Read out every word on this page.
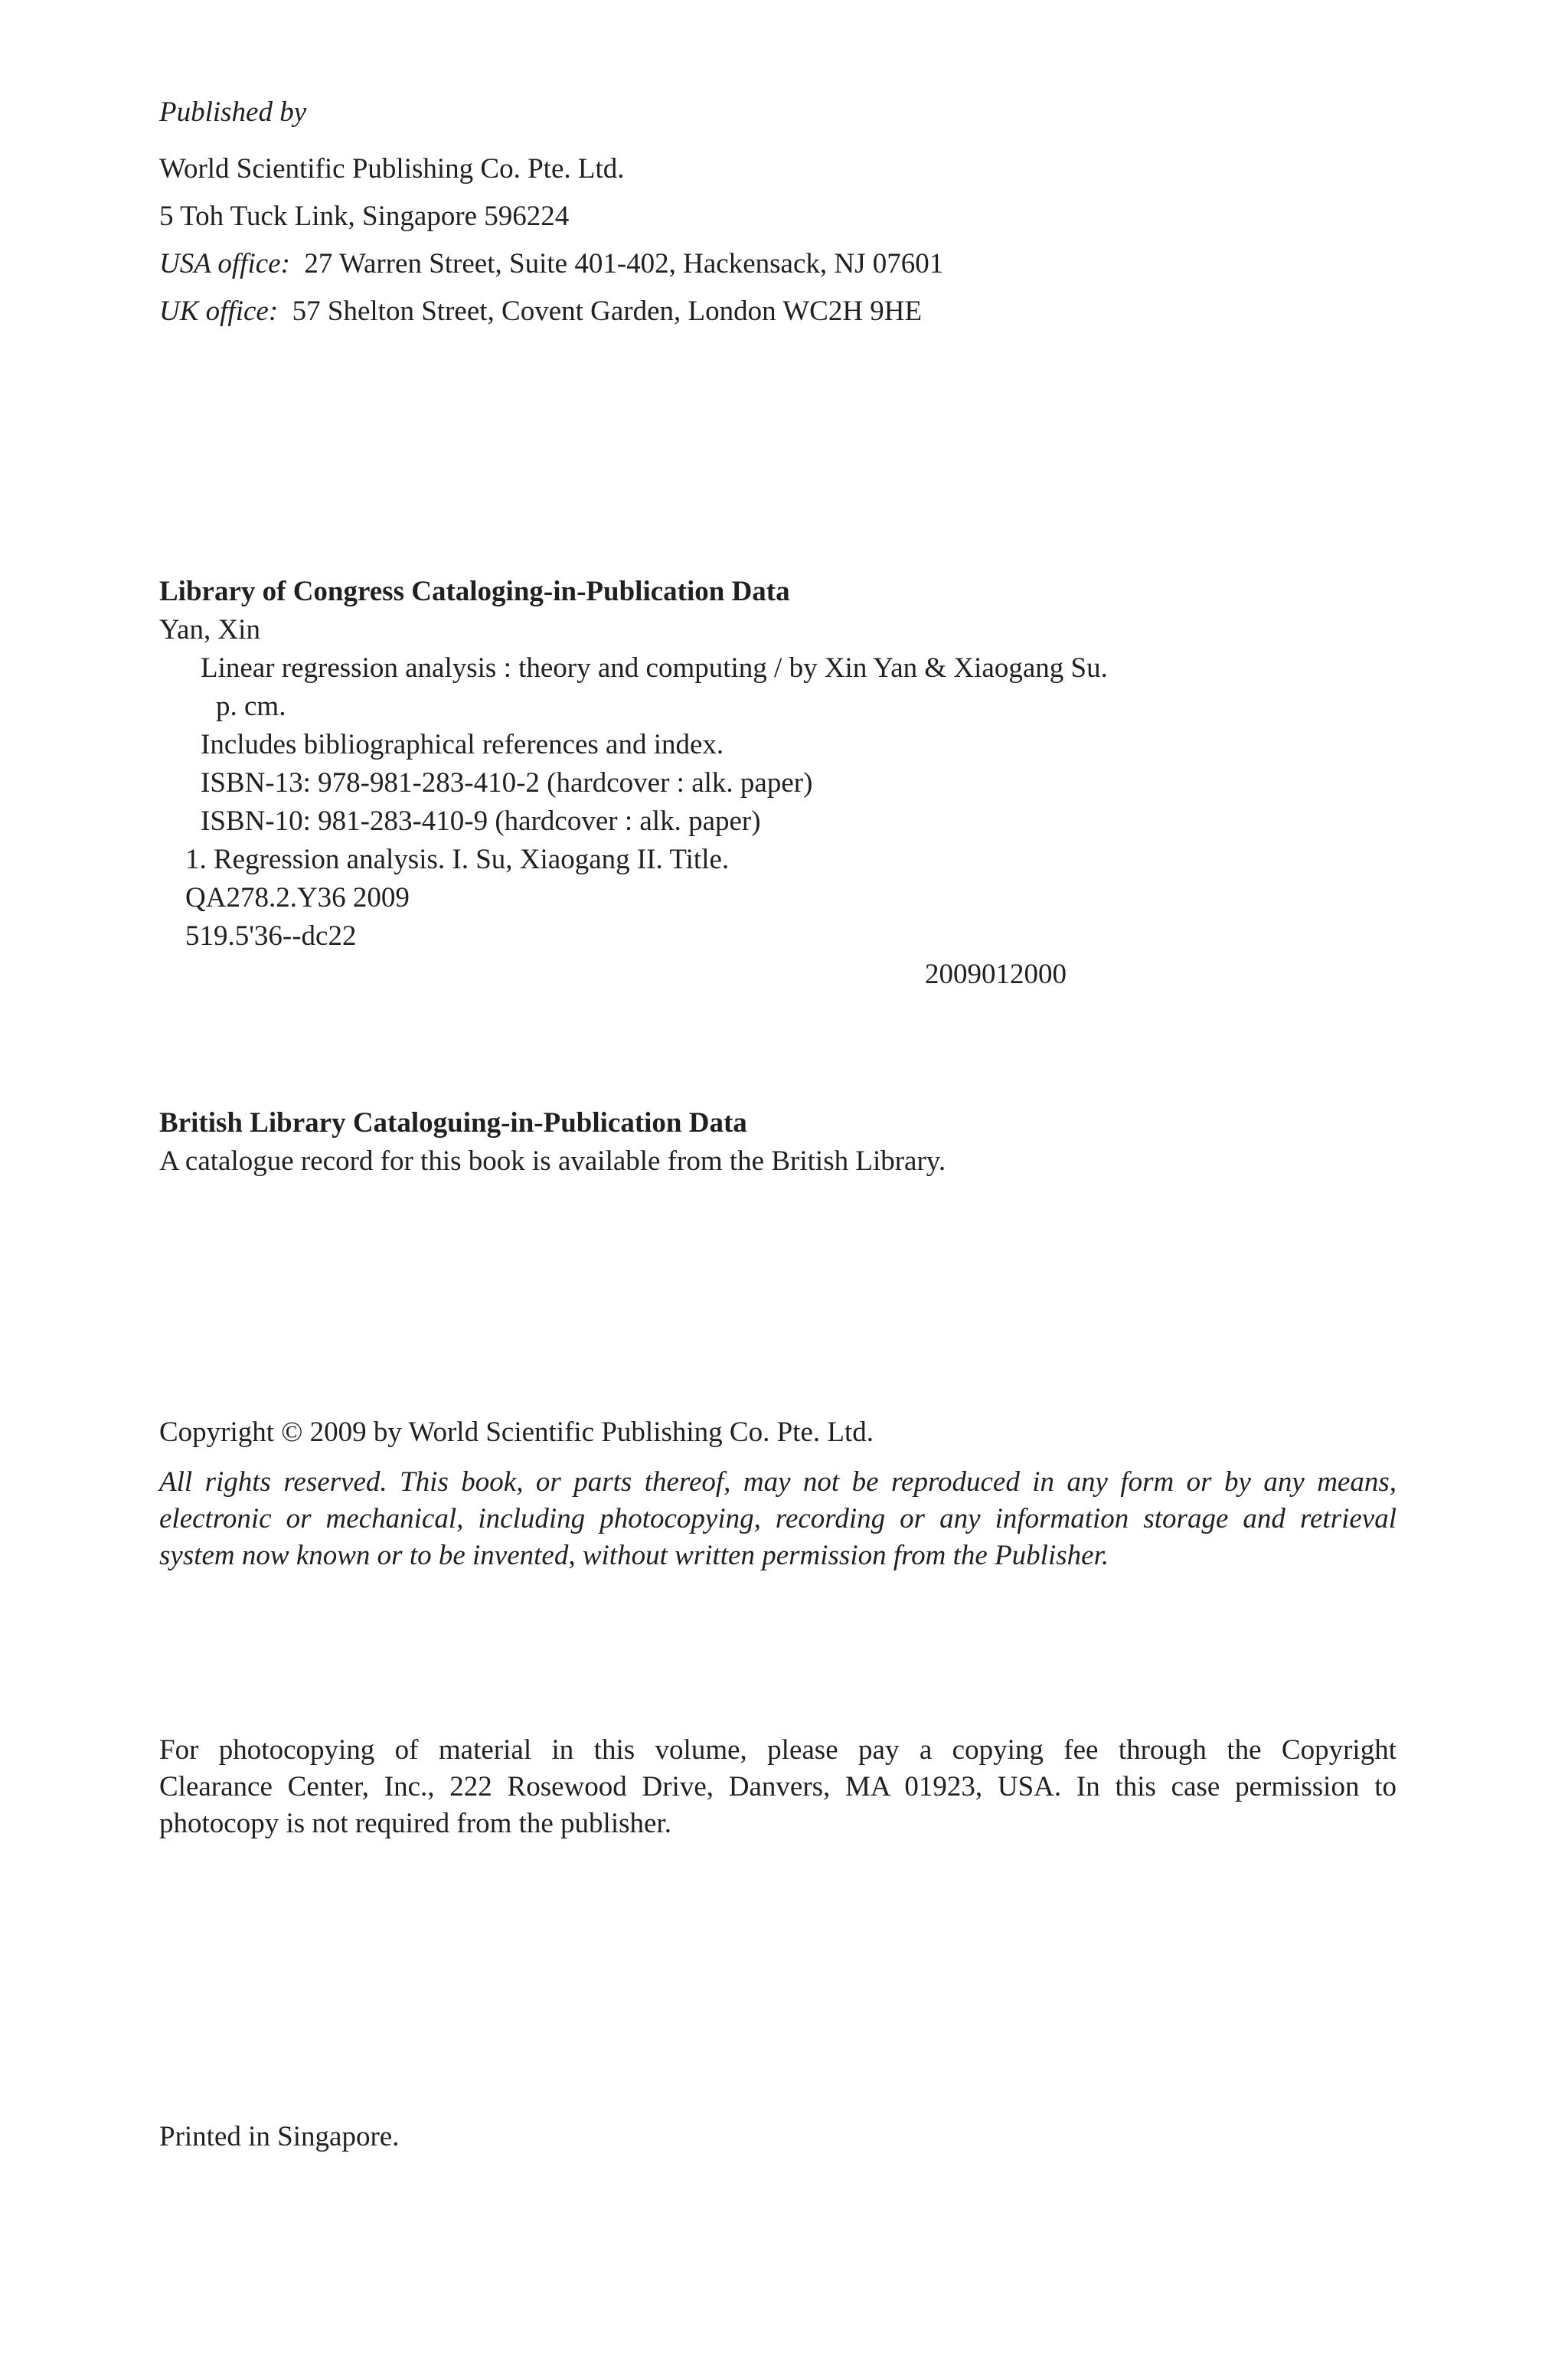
Published by
World Scientific Publishing Co. Pte. Ltd.
5 Toh Tuck Link, Singapore 596224
USA office: 27 Warren Street, Suite 401-402, Hackensack, NJ 07601
UK office: 57 Shelton Street, Covent Garden, London WC2H 9HE
Library of Congress Cataloging-in-Publication Data
Yan, Xin
Linear regression analysis : theory and computing / by Xin Yan & Xiaogang Su.
p. cm.
Includes bibliographical references and index.
ISBN-13: 978-981-283-410-2 (hardcover : alk. paper)
ISBN-10: 981-283-410-9 (hardcover : alk. paper)
1. Regression analysis. I. Su, Xiaogang II. Title.
QA278.2.Y36 2009
519.5'36--dc22
2009012000
British Library Cataloguing-in-Publication Data
A catalogue record for this book is available from the British Library.
Copyright © 2009 by World Scientific Publishing Co. Pte. Ltd.
All rights reserved. This book, or parts thereof, may not be reproduced in any form or by any means,
electronic or mechanical, including photocopying, recording or any information storage and retrieval
system now known or to be invented, without written permission from the Publisher.
For photocopying of material in this volume, please pay a copying fee through the Copyright
Clearance Center, Inc., 222 Rosewood Drive, Danvers, MA 01923, USA. In this case permission to
photocopy is not required from the publisher.
Printed in Singapore.
